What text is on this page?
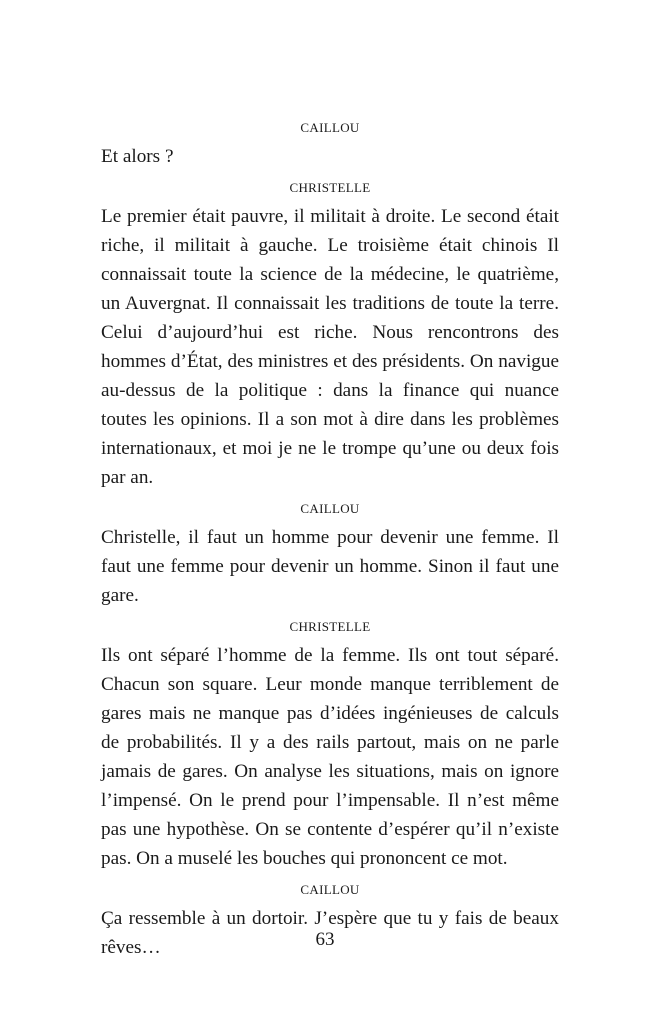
CAILLOU

Et alors ?

CHRISTELLE

Le premier était pauvre, il militait à droite. Le second était riche, il militait à gauche. Le troisième était chinois Il connaissait toute la science de la médecine, le quatrième, un Auvergnat. Il connaissait les traditions de toute la terre. Celui d’aujourd’hui est riche. Nous rencontrons des hommes d’État, des ministres et des présidents. On navigue au-dessus de la politique : dans la finance qui nuance toutes les opinions. Il a son mot à dire dans les problèmes internationaux, et moi je ne le trompe qu’une ou deux fois par an.

CAILLOU

Christelle, il faut un homme pour devenir une femme. Il faut une femme pour devenir un homme. Sinon il faut une gare.

CHRISTELLE

Ils ont séparé l’homme de la femme. Ils ont tout séparé. Chacun son square. Leur monde manque terriblement de gares mais ne manque pas d’idées ingénieuses de calculs de probabilités. Il y a des rails partout, mais on ne parle jamais de gares. On analyse les situations, mais on ignore l’impensé. On le prend pour l’impensable. Il n’est même pas une hypothèse. On se contente d’espérer qu’il n’existe pas. On a muselé les bouches qui prononcent ce mot.

CAILLOU

Ça ressemble à un dortoir. J’espère que tu y fais de beaux rêves…	63
